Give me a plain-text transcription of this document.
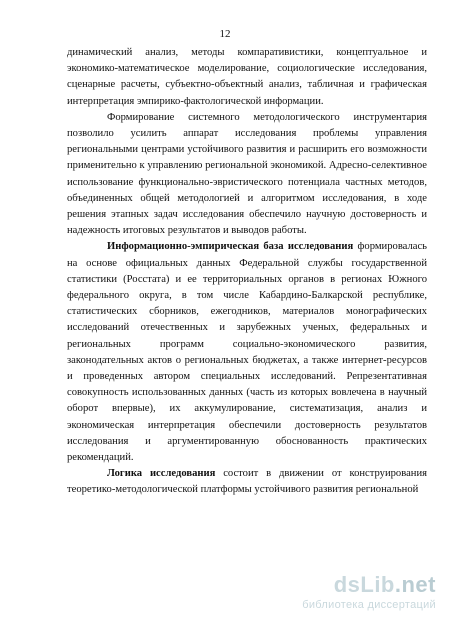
12

динамический анализ, методы компаративистики, концептуальное и экономико-математическое моделирование, социологические исследования, сценарные расчеты, субъектно-объектный анализ, табличная и графическая интерпретация эмпирико-фактологической информации.

Формирование системного методологического инструментария позволило усилить аппарат исследования проблемы управления региональными центрами устойчивого развития и расширить его возможности применительно к управлению региональной экономикой. Адресно-селективное использование функционально-эвристического потенциала частных методов, объединенных общей методологией и алгоритмом исследования, в ходе решения этапных задач исследования обеспечило научную достоверность и надежность итоговых результатов и выводов работы.

Информационно-эмпирическая база исследования формировалась на основе официальных данных Федеральной службы государственной статистики (Росстата) и ее территориальных органов в регионах Южного федерального округа, в том числе Кабардино-Балкарской республике, статистических сборников, ежегодников, материалов монографических исследований отечественных и зарубежных ученых, федеральных и региональных программ социально-экономического развития, законодательных актов о региональных бюджетах, а также интернет-ресурсов и проведенных автором специальных исследований. Репрезентативная совокупность использованных данных (часть из которых вовлечена в научный оборот впервые), их аккумулирование, систематизация, анализ и экономическая интерпретация обеспечили достоверность результатов исследования и аргументированную обоснованность практических рекомендаций.

Логика исследования состоит в движении от конструирования теоретико-методологической платформы устойчивого развития региональной

dsLib.net
библиотека диссертаций
